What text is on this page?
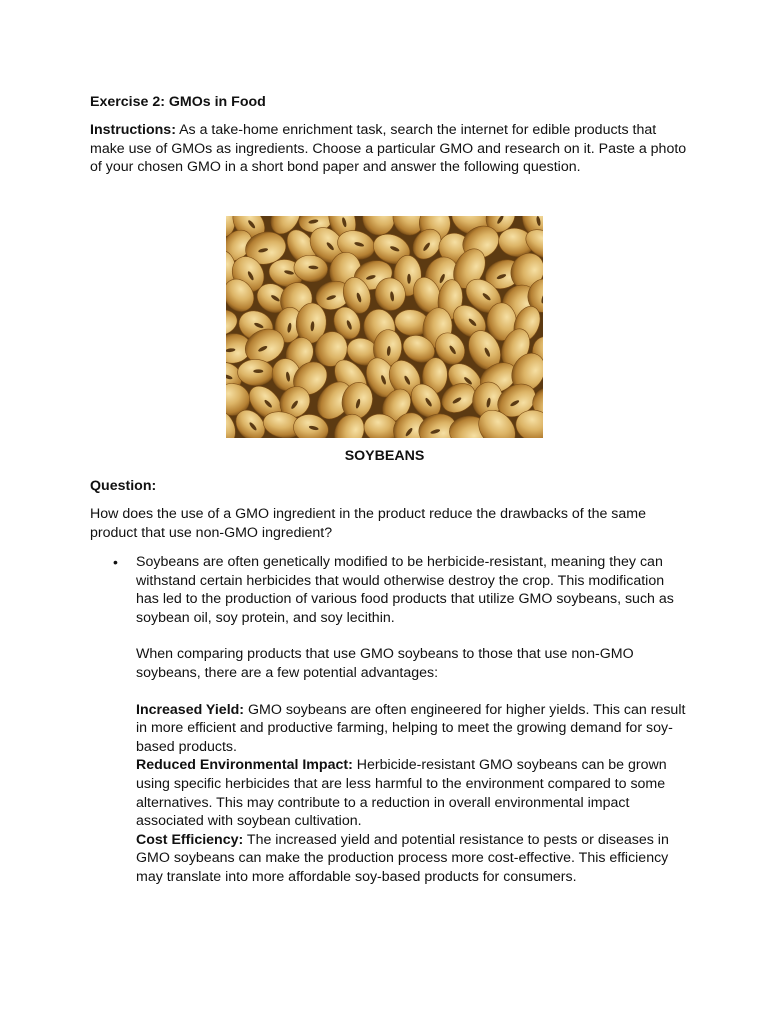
Exercise 2: GMOs in Food

Instructions: As a take-home enrichment task, search the internet for edible products that make use of GMOs as ingredients. Choose a particular GMO and research on it. Paste a photo of your chosen GMO in a short bond paper and answer the following question.

SOYBEANS

Question:

How does the use of a GMO ingredient in the product reduce the drawbacks of the same product that use non-GMO ingredient?

• Soybeans are often genetically modified to be herbicide-resistant, meaning they can withstand certain herbicides that would otherwise destroy the crop. This modification has led to the production of various food products that utilize GMO soybeans, such as soybean oil, soy protein, and soy lecithin.

When comparing products that use GMO soybeans to those that use non-GMO soybeans, there are a few potential advantages:

Increased Yield: GMO soybeans are often engineered for higher yields. This can result in more efficient and productive farming, helping to meet the growing demand for soy-based products.

Reduced Environmental Impact: Herbicide-resistant GMO soybeans can be grown using specific herbicides that are less harmful to the environment compared to some alternatives. This may contribute to a reduction in overall environmental impact associated with soybean cultivation.

Cost Efficiency: The increased yield and potential resistance to pests or diseases in GMO soybeans can make the production process more cost-effective. This efficiency may translate into more affordable soy-based products for consumers.
